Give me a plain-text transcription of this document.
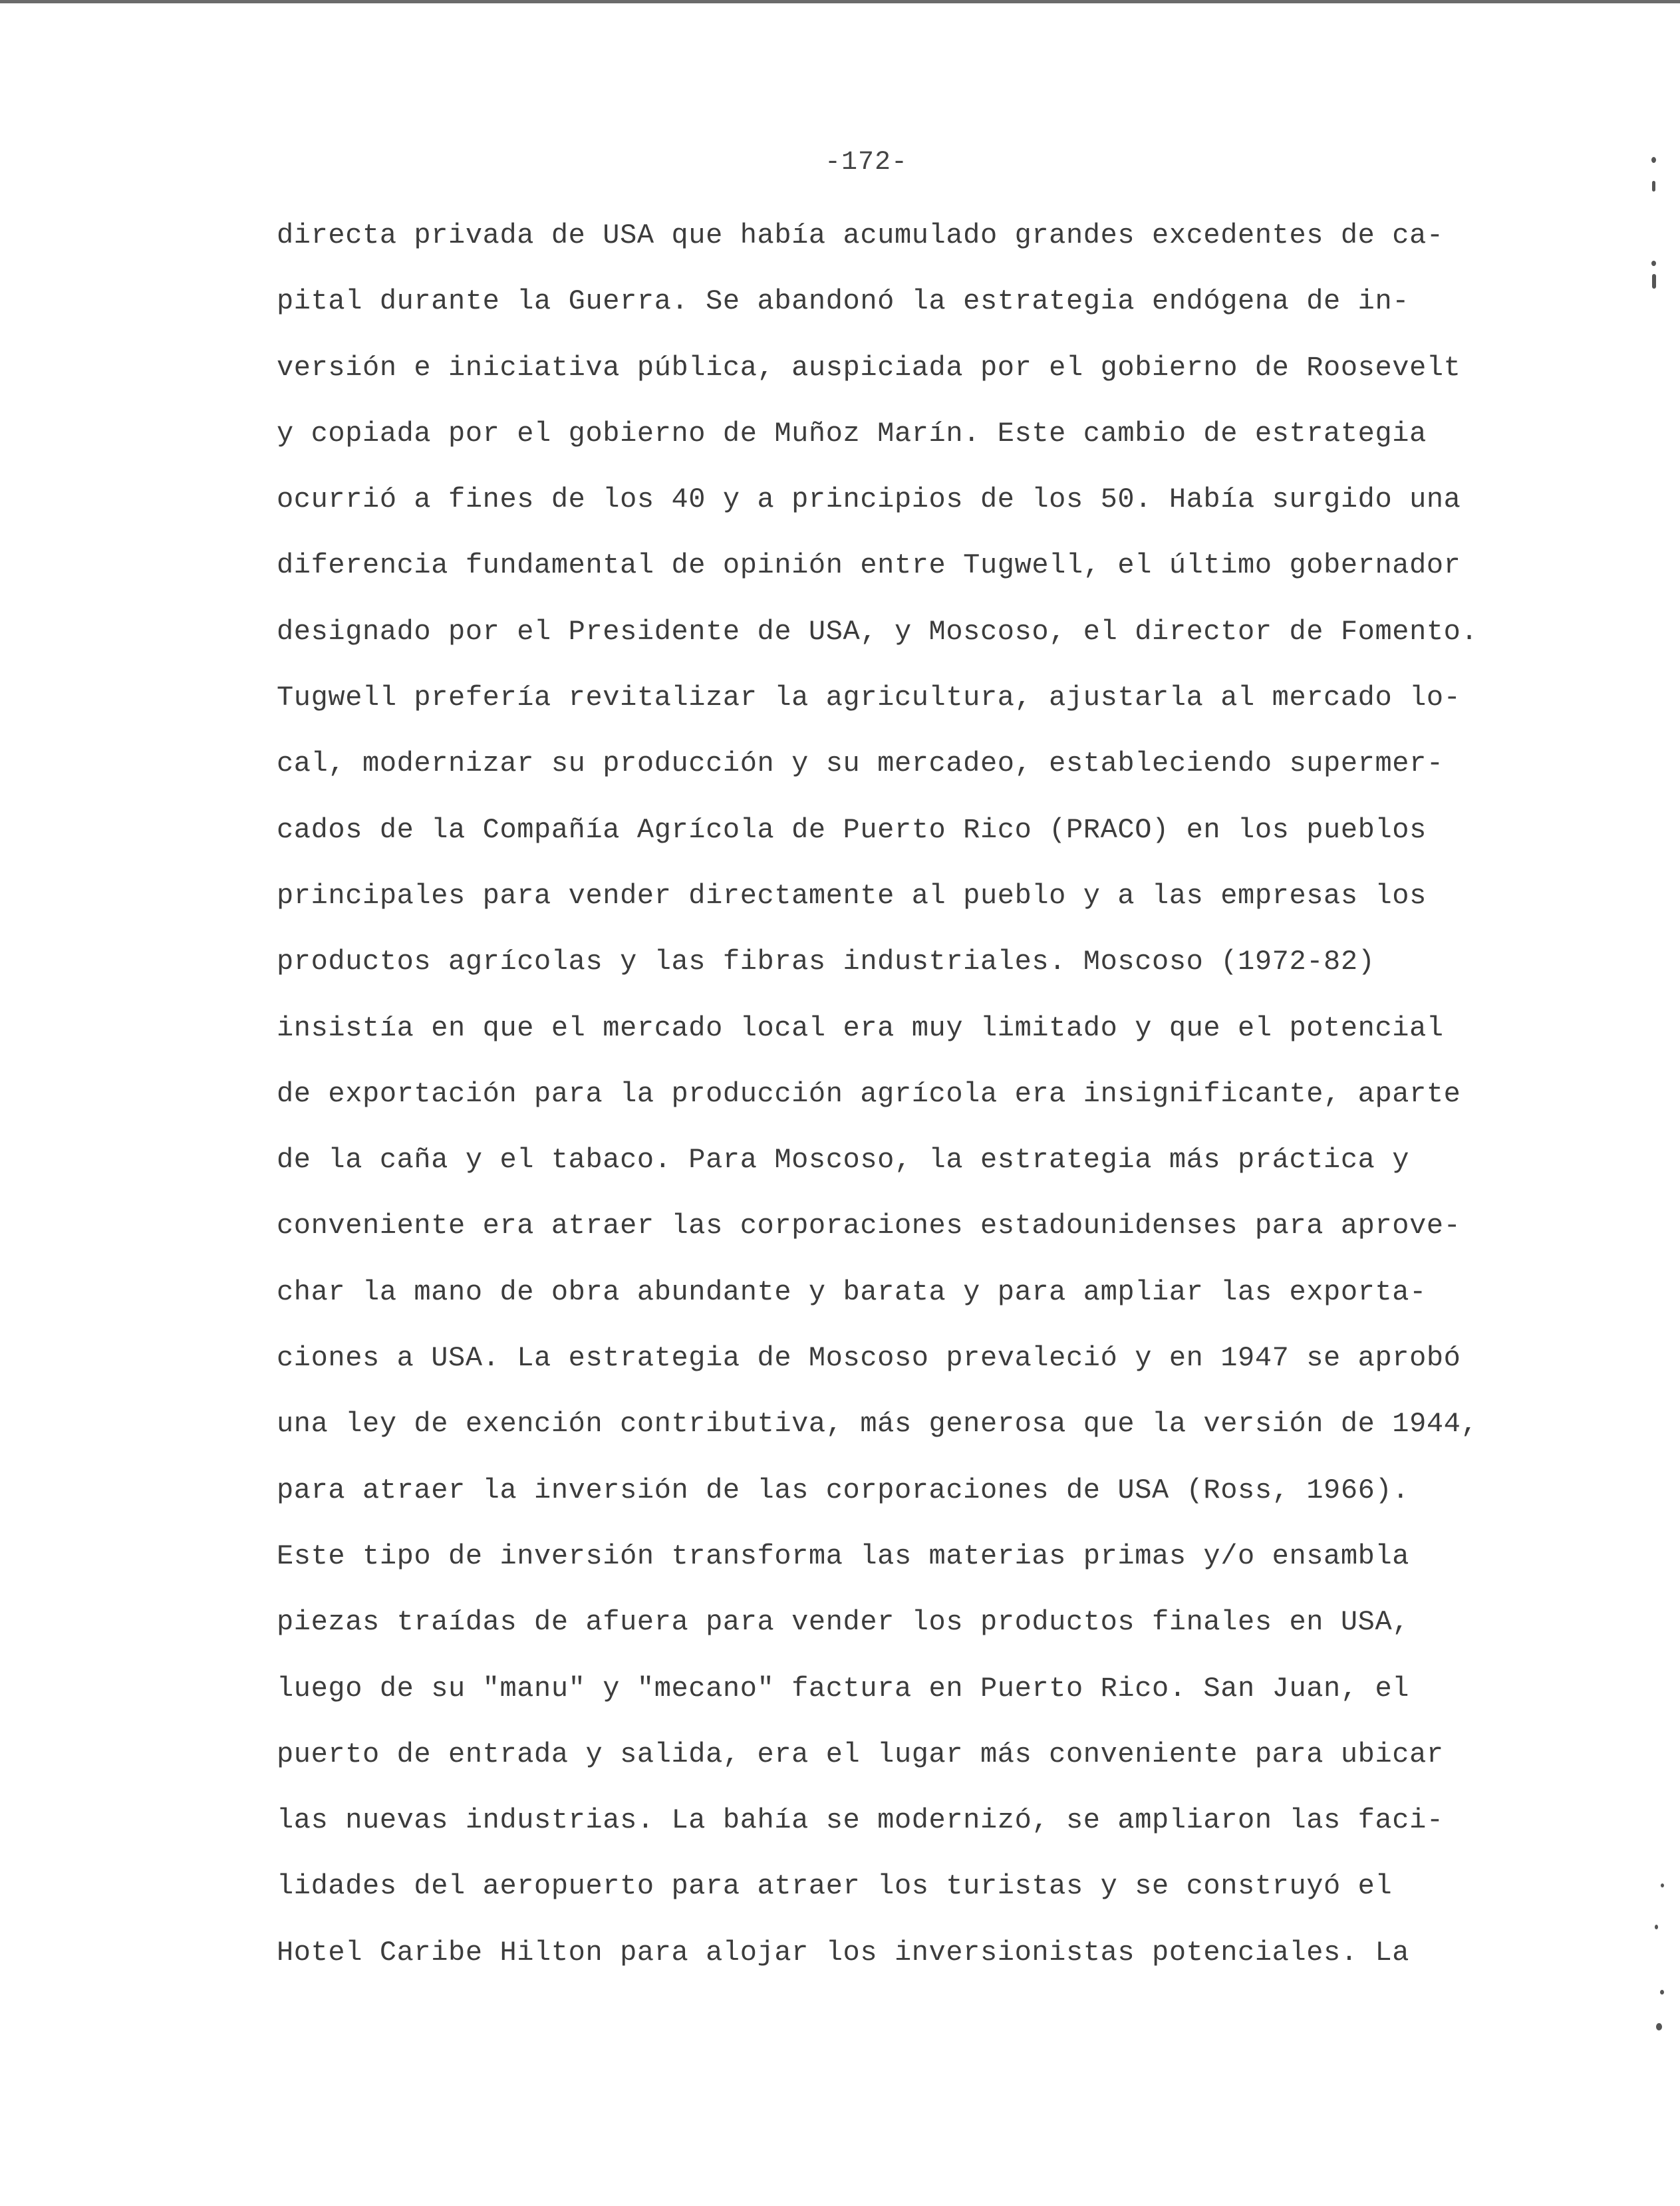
-172-
directa privada de USA que había acumulado grandes excedentes de ca-
pital durante la Guerra. Se abandonó la estrategia endógena de in-
versión e iniciativa pública, auspiciada por el gobierno de Roosevelt
y copiada por el gobierno de Muñoz Marín. Este cambio de estrategia
ocurrió a fines de los 40 y a principios de los 50. Había surgido una
diferencia fundamental de opinión entre Tugwell, el último gobernador
designado por el Presidente de USA, y Moscoso, el director de Fomento.
Tugwell prefería revitalizar la agricultura, ajustarla al mercado lo-
cal, modernizar su producción y su mercadeo, estableciendo supermer-
cados de la Compañía Agrícola de Puerto Rico (PRACO) en los pueblos
principales para vender directamente al pueblo y a las empresas los
productos agrícolas y las fibras industriales. Moscoso (1972-82)
insistía en que el mercado local era muy limitado y que el potencial
de exportación para la producción agrícola era insignificante, aparte
de la caña y el tabaco. Para Moscoso, la estrategia más práctica y
conveniente era atraer las corporaciones estadounidenses para aprove-
char la mano de obra abundante y barata y para ampliar las exporta-
ciones a USA. La estrategia de Moscoso prevaleció y en 1947 se aprobó
una ley de exención contributiva, más generosa que la versión de 1944,
para atraer la inversión de las corporaciones de USA (Ross, 1966).
Este tipo de inversión transforma las materias primas y/o ensambla
piezas traídas de afuera para vender los productos finales en USA,
luego de su "manu" y "mecano" factura en Puerto Rico. San Juan, el
puerto de entrada y salida, era el lugar más conveniente para ubicar
las nuevas industrias. La bahía se modernizó, se ampliaron las faci-
lidades del aeropuerto para atraer los turistas y se construyó el
Hotel Caribe Hilton para alojar los inversionistas potenciales. La
